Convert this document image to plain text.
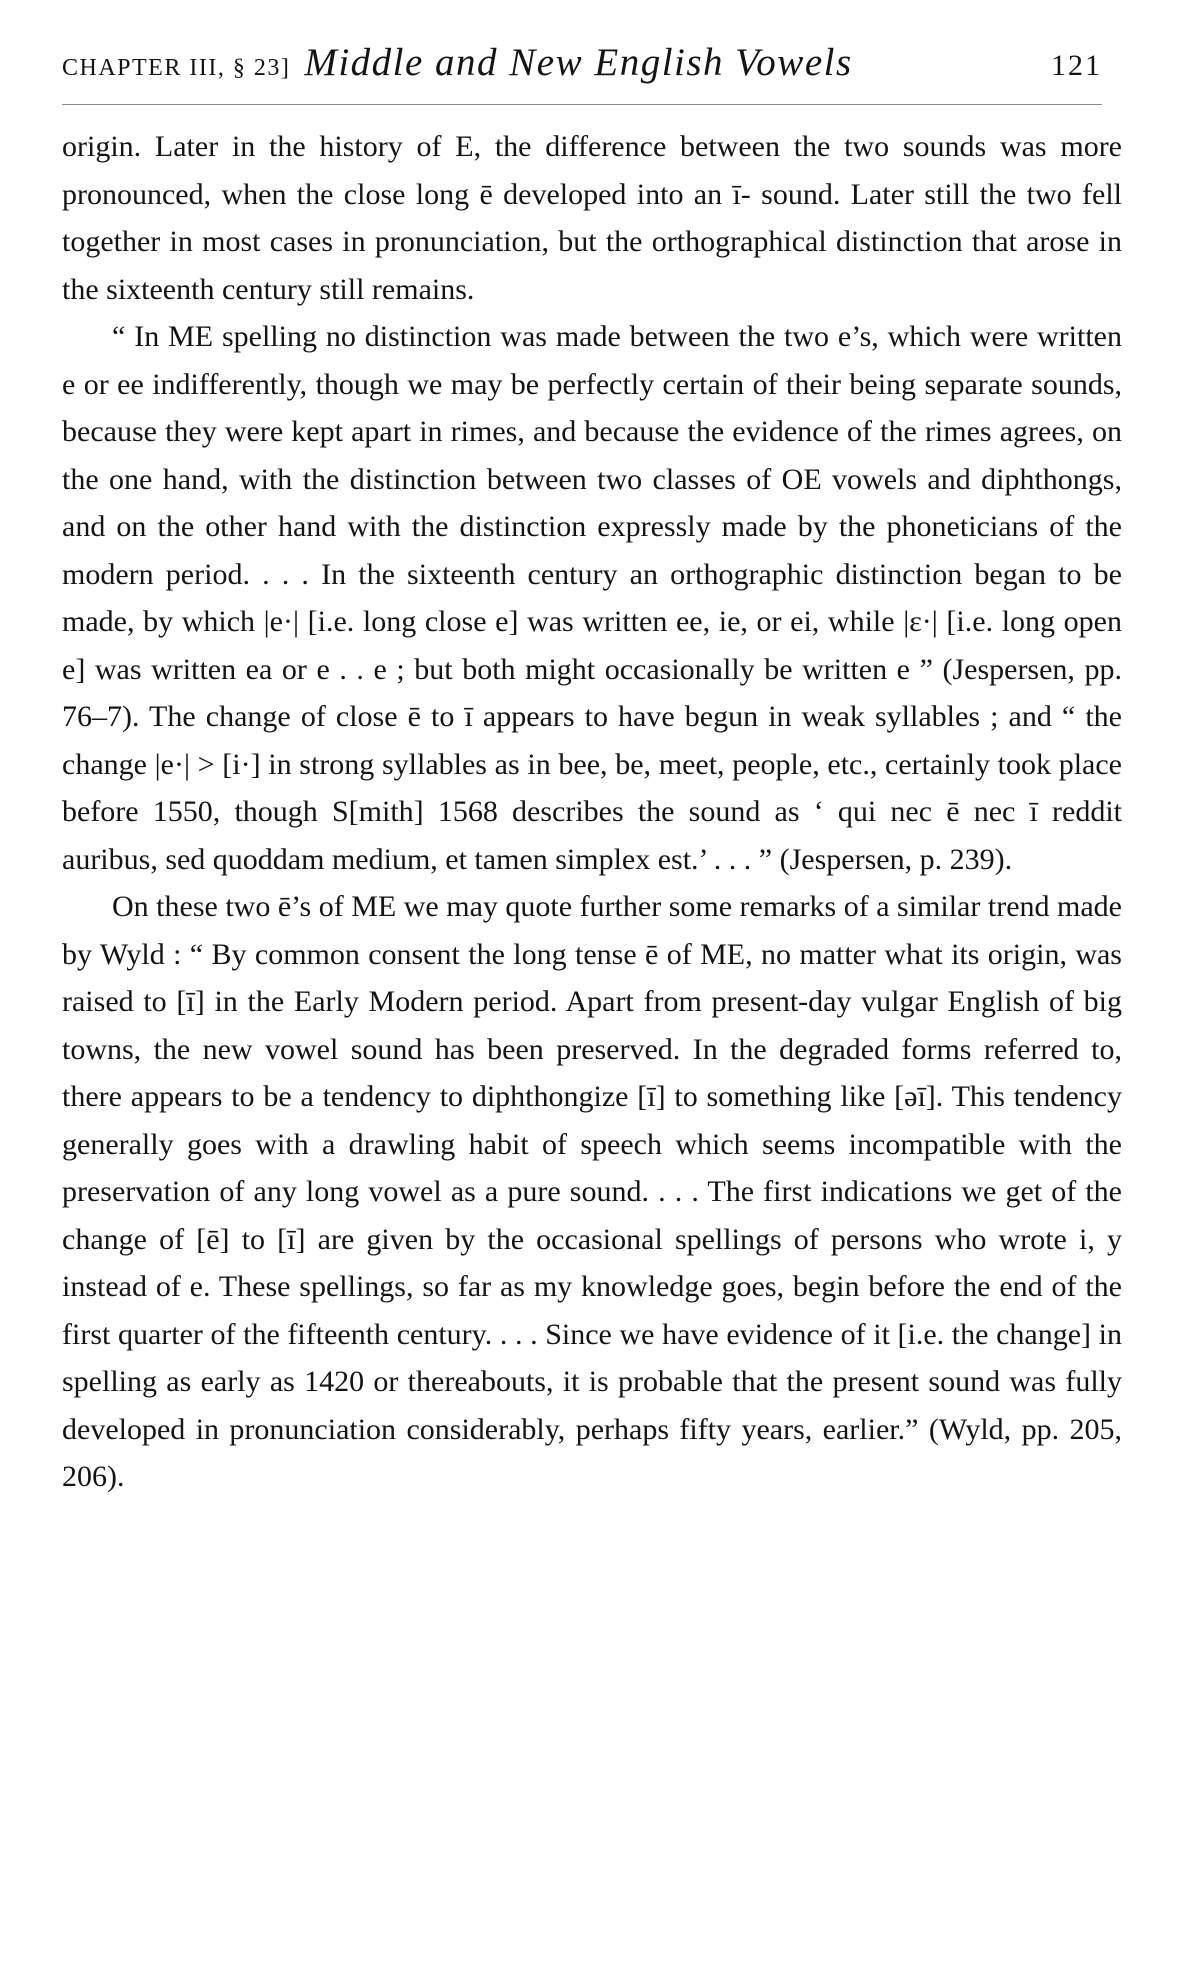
CHAPTER III, § 23] Middle and New English Vowels	121

origin. Later in the history of E, the difference between the two sounds was more pronounced, when the close long ē developed into an ī- sound. Later still the two fell together in most cases in pronunciation, but the orthographical distinction that arose in the sixteenth century still remains.

“ In ME spelling no distinction was made between the two e’s, which were written e or ee indifferently, though we may be perfectly certain of their being separate sounds, because they were kept apart in rimes, and because the evidence of the rimes agrees, on the one hand, with the distinction between two classes of OE vowels and diphthongs, and on the other hand with the distinction expressly made by the phoneticians of the modern period. . . . In the sixteenth century an orthographic distinction began to be made, by which |e·| [i.e. long close e] was written ee, ie, or ei, while |ɛ·| [i.e. long open e] was written ea or e . . e ; but both might occasionally be written e ” (Jespersen, pp. 76–7). The change of close ē to ī appears to have begun in weak syllables ; and “ the change |e·| > [i·] in strong syllables as in bee, be, meet, people, etc., certainly took place before 1550, though S[mith] 1568 describes the sound as ‘ qui nec ē nec ī reddit auribus, sed quoddam medium, et tamen simplex est.’ . . . ” (Jespersen, p. 239).

On these two ē’s of ME we may quote further some remarks of a similar trend made by Wyld : “ By common consent the long tense ē of ME, no matter what its origin, was raised to [ī] in the Early Modern period. Apart from present-day vulgar English of big towns, the new vowel sound has been preserved. In the degraded forms referred to, there appears to be a tendency to diphthongize [ī] to something like [əī]. This tendency generally goes with a drawling habit of speech which seems incompatible with the preservation of any long vowel as a pure sound. . . . The first indications we get of the change of [ē] to [ī] are given by the occasional spellings of persons who wrote i, y instead of e. These spellings, so far as my knowledge goes, begin before the end of the first quarter of the fifteenth century. . . . Since we have evidence of it [i.e. the change] in spelling as early as 1420 or thereabouts, it is probable that the present sound was fully developed in pronunciation considerably, perhaps fifty years, earlier.” (Wyld, pp. 205, 206).
